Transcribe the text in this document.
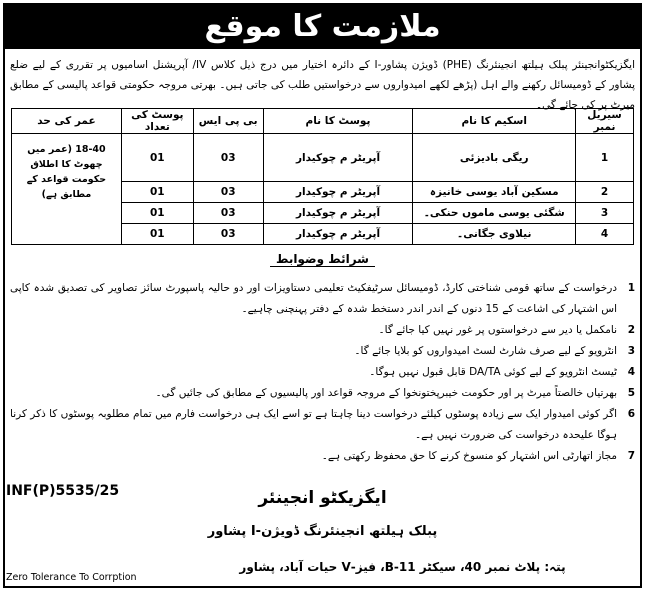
ملازمت کا موقع

ایگزیکٹوانجینئر پبلک ہیلتھ انجینئرنگ (PHE) ڈویژن پشاور-I کے دائرہ اختیار میں درج ذیل کلاس IV/ آپریشنل اسامیوں پر تقرری کے لیے ضلع پشاور کے ڈومیسائل رکھنے والے اہل (پڑھے لکھے امیدواروں سے درخواستیں طلب کی جاتی ہیں۔ بھرتی مروجہ حکومتی قواعد پالیسی کے مطابق میرٹ پر کی جائے گی۔

سیریل نمبر	اسکیم کا نام	پوسٹ کا نام	بی پی ایس	پوسٹ کی تعداد	عمر کی حد
1	ریگی بادیزئی	آپریٹر م چوکیدار	03	01	18-40 (عمر میں چھوٹ کا اطلاق حکومت قواعد کے مطابق ہے)
2	مسکین آباد یوسی خانیزہ	آپریٹر م چوکیدار	03	01	
3	شگئی یوسی ماموں حنکی۔	آپریٹر م چوکیدار	03	01	
4	نیلاوی جگانی۔	آپریٹر م چوکیدار	03	01	
شرائط وضوابط
1
درخواست کے ساتھ قومی شناختی کارڈ، ڈومیسائل سرٹیفکیٹ تعلیمی دستاویزات اور دو حالیہ پاسپورٹ سائز تصاویر کی تصدیق شدہ کاپی اس اشتہار کی اشاعت کے 15 دنوں کے اندر اندر دستخط شدہ کے دفتر پہنچنی چاہیے۔
2
نامکمل یا دیر سے درخواستوں پر غور نہیں کیا جائے گا۔
3
انٹرویو کے لیے صرف شارٹ لسٹ امیدواروں کو بلایا جائے گا۔
4
ٹیسٹ انٹرویو کے لیے کوئی DA/TA قابل قبول نہیں ہوگا۔
5
بھرتیاں خالصتاً میرٹ پر اور حکومت خیبرپختونخوا کے مروجہ قواعد اور پالیسیوں کے مطابق کی جائیں گی۔
6
اگر کوئی امیدوار ایک سے زیادہ پوسٹوں کیلئے درخواست دینا چاہتا ہے تو اسے ایک ہی درخواست فارم میں تمام مطلوبہ پوسٹوں کا ذکر کرنا ہوگا علیحدہ درخواست کی ضرورت نہیں ہے۔
7
مجاز اتھارٹی اس اشتہار کو منسوخ کرنے کا حق محفوظ رکھتی ہے۔
INF(P)5535/25	ایگزیکٹو انجینئر
پبلک ہیلتھ انجینئرنگ ڈویژن-I پشاور
پتہ: پلاٹ نمبر 40، سیکٹر B-11، فیز-V حیات آباد، پشاور
Zero Tolerance To Corrption
